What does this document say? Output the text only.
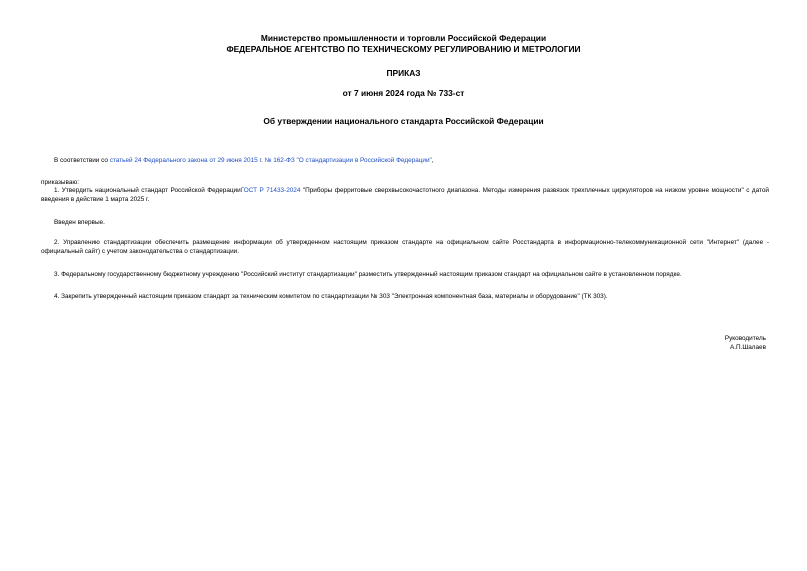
Министерство промышленности и торговли Российской Федерации
ФЕДЕРАЛЬНОЕ АГЕНТСТВО ПО ТЕХНИЧЕСКОМУ РЕГУЛИРОВАНИЮ И МЕТРОЛОГИИ
ПРИКАЗ
от 7 июня 2024 года № 733-ст
Об утверждении национального стандарта Российской Федерации
В соответствии со статьей 24 Федерального закона от 29 июня 2015 г. № 162-ФЗ "О стандартизации в Российской Федерации",
приказываю:
1. Утвердить национальный стандарт Российской ФедерацииГОСТ Р 71433-2024 "Приборы ферритовые сверхвысокочастотного диапазона. Методы измерения развязок трехплечных циркуляторов на низком уровне мощности" с датой введения в действие 1 марта 2025 г.
Введен впервые.
2. Управлению стандартизации обеспечить размещение информации об утвержденном настоящим приказом стандарте на официальном сайте Росстандарта в информационно-телекоммуникационной сети "Интернет" (далее - официальный сайт) с учетом законодательства о стандартизации.
3. Федеральному государственному бюджетному учреждению "Российский институт стандартизации" разместить утвержденный настоящим приказом стандарт на официальном сайте в установленном порядке.
4. Закрепить утвержденный настоящим приказом стандарт за техническим комитетом по стандартизации № 303 "Электронная компонентная база, материалы и оборудование" (ТК 303).
Руководитель
А.П.Шалаев
